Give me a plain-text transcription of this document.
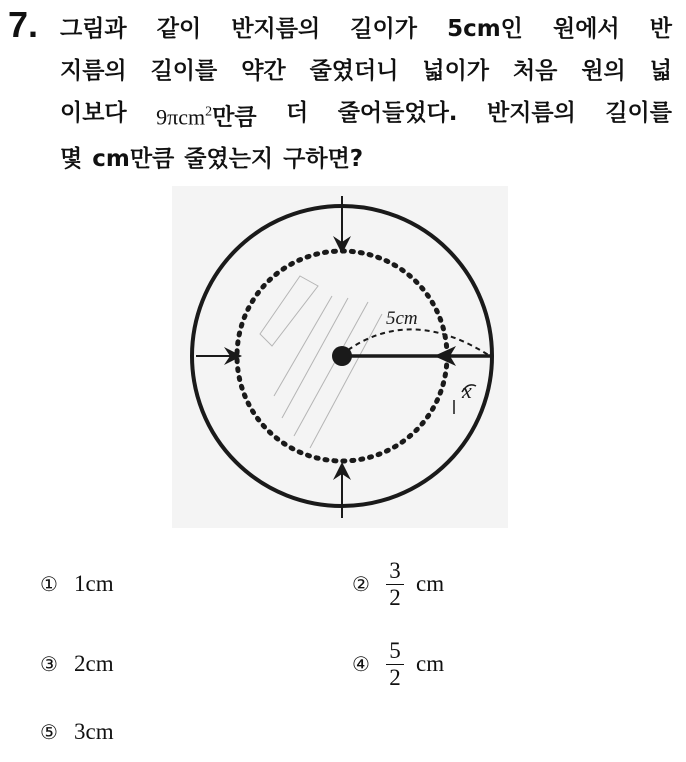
7. 그림과 같이 반지름의 길이가 5cm인 원에서 반
지름의 길이를 약간 줄였더니 넓이가 처음 원의 넓
이보다 9πcm$^2$만큼 더 줄어들었다. 반지름의 길이를
몇 cm만큼 줄였는지 구하면?
5cm
x
① 1cm	② $\frac{3}{2}$ cm
③ 2cm	④ $\frac{5}{2}$ cm
⑤ 3cm
